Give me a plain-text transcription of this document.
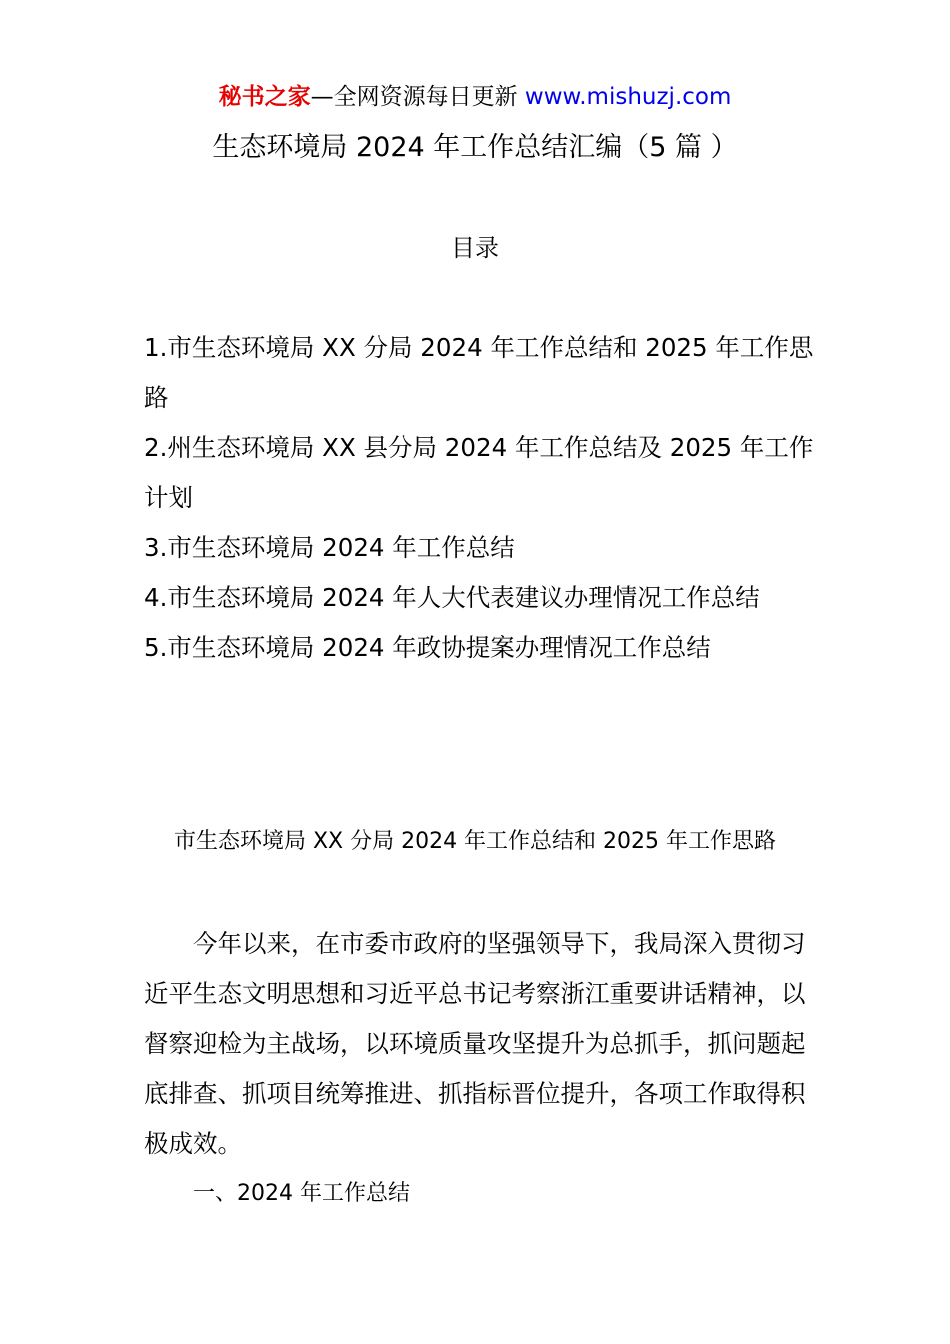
秘书之家—全网资源每日更新 www.mishuzj.com
生态环境局 2024 年工作总结汇编（5 篇 ）
目录

1.市生态环境局 XX 分局 2024 年工作总结和 2025 年工作思路

2.州生态环境局 XX 县分局 2024 年工作总结及 2025 年工作计划

3.市生态环境局 2024 年工作总结

4.市生态环境局 2024 年人大代表建议办理情况工作总结

5.市生态环境局 2024 年政协提案办理情况工作总结

市生态环境局 XX 分局 2024 年工作总结和 2025 年工作思路

今年以来，在市委市政府的坚强领导下，我局深入贯彻习近平生态文明思想和习近平总书记考察浙江重要讲话精神，以督察迎检为主战场，以环境质量攻坚提升为总抓手，抓问题起底排查、抓项目统筹推进、抓指标晋位提升，各项工作取得积极成效。

一、2024 年工作总结
